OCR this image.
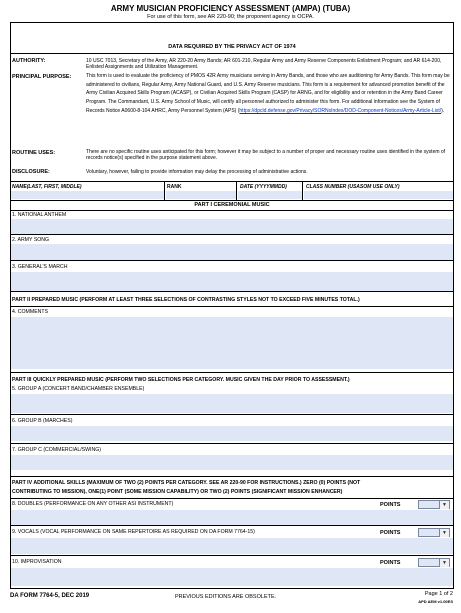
ARMY MUSICIAN PROFICIENCY ASSESSMENT (AMPA) (TUBA)
For use of this form, see AR 220-90; the proponent agency is OCPA.
DATA REQUIRED BY THE PRIVACY ACT OF 1974
AUTHORITY:	10 USC 7013, Secretary of the Army, AR 220-20 Army Bands; AR 601-210, Regular Army and Army Reserve Components Enlistment Program; and AR 614-200, Enlisted Assignments and Utilization Management.
PRINCIPAL PURPOSE:	This form is used to evaluate the proficiency of PMOS 42R Army musicians serving in Army Bands, and those who are auditioning for Army Bands. This form may be administered to civilians, Regular Army, Army National Guard, and U.S. Army Reserve musicians. This form is a requirement for advanced promotion benefit of the Army Civilian Acquired Skills Program (ACASP), or Civilian Acquired Skills Program (CASP) for ARNG, and for eligibility and or retention in the Army Band Career Program. The Commandant, U.S. Army School of Music, will certify all personnel authorized to administer this form. For additional information see the System of Records Notice A0600-8-104 AHRC, Army Personnel System (APS) (https://dpcld.defense.gov/Privacy/SORNsIndex/DOD-Component-Notices/Army-Article-List/).
ROUTINE USES:	There are no specific routine uses anticipated for this form; however it may be subject to a number of proper and necessary routine uses identified in the system of records notice(s) specified in the purpose statement above.
DISCLOSURE:	Voluntary, however, failing to provide information may delay the processing of administrative actions.
NAME(LAST, FIRST, MIDDLE)	RANK	DATE (YYYYMMDD)	CLASS NUMBER (USASOM USE ONLY)
PART I CEREMONIAL MUSIC
1. NATIONAL ANTHEM
2. ARMY SONG
3. GENERAL'S MARCH
PART II PREPARED MUSIC (PERFORM AT LEAST THREE SELECTIONS OF CONTRASTING STYLES NOT TO EXCEED FIVE MINUTES TOTAL.)
4. COMMENTS
PART III QUICKLY PREPARED MUSIC (PERFORM TWO SELECTIONS PER CATEGORY. MUSIC GIVEN THE DAY PRIOR TO ASSESSMENT.)
5. GROUP A (CONCERT BAND/CHAMBER ENSEMBLE)
6. GROUP B (MARCHES)
7. GROUP C (COMMERCIAL/SWING)
PART IV ADDITIONAL SKILLS (MAXIMUM OF TWO (2) POINTS PER CATEGORY. SEE AR 220-90 FOR INSTRUCTIONS.) ZERO (0) POINTS (NOT
CONTRIBUTING TO MISSION), ONE(1) POINT (SOME MISSION CAPABILITY) OR TWO (2) POINTS (SIGNIFICANT MISSION ENHANCER)
8. DOUBLES (PERFORMANCE ON ANY OTHER ASI INSTRUMENT)	POINTS	▼
9. VOCALS (VOCAL PERFORMANCE ON SAME REPERTOIRE AS REQUIRED ON DA FORM 7764-15)	POINTS	▼
10. IMPROVISATION	POINTS	▼
DA FORM 7764-5, DEC 2019	PREVIOUS EDITIONS ARE OBSOLETE.	Page 1 of 2
APD AEM v1.00ES
